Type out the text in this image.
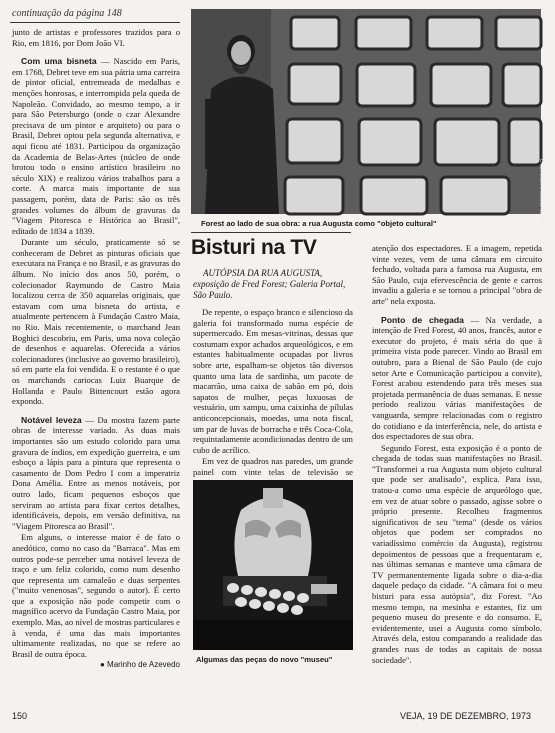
continuação da página 148

junto de artistas e professores trazidos para o Rio, em 1816, por Dom João VI.

Com uma bisneta — Nascido em Paris, em 1768, Debret teve em sua pátria uma carreira de pintor oficial, entremeada de medalhas e menções honrosas, e interrompida pela queda de Napoleão. Convidado, ao mesmo tempo, a ir para São Petersburgo (onde o czar Alexandre precisava de um pintor e arquiteto) ou para o Brasil, Debret optou pela segunda alternativa, e aqui ficou até 1831. Participou da organização da Academia de Belas-Artes (núcleo de onde brotou todo o ensino artístico brasileiro no século XIX) e realizou vários trabalhos para a corte. A marca mais importante de sua passagem, porém, data de Paris: são os três grandes volumes do álbum de gravuras da "Viagem Pitoresca e Histórica ao Brasil", editado de 1834 a 1839.

Durante um século, praticamente só se conheceram de Debret as pinturas oficiais que executara na França e no Brasil, e as gravuras do álbum. No início dos anos 50, porém, o colecionador Raymundo de Castro Maia localizou cerca de 350 aquarelas originais, que estavam com uma bisneta do artista, e atualmente pertencem à Fundação Castro Maia, no Rio. Mais recentemente, o marchand Jean Boghici descobriu, em Paris, uma nova coleção de desenhos e aquarelas. Oferecida a vários colecionadores (inclusive ao governo brasileiro), só em parte ela foi vendida. E o restante é o que os marchands cariocas Luiz Buarque de Hollanda e Paulo Bittencourt estão agora expondo.

Notável leveza — Da mostra fazem parte obras de interesse variado. As duas mais importantes são um estudo colorido para uma gravura de índios, em expedição guerreira, e um esboço a lápis para a pintura que representa o casamento de Dom Pedro I com a imperatriz Dona Amélia. Entre as menos notáveis, por outro lado, ficam pequenos esboços que serviram ao artista para fixar certos detalhes, identificáveis, depois, em versão definitiva, na "Viagem Pitoresca ao Brasil".

Em alguns, o interesse maior é de fato o anedótico, como no caso da "Barraca". Mas em outros pode-se perceber uma notável leveza de traço e um feliz colorido, como num desenho que representa um camaleão e duas serpentes ("muito venenosas", segundo o autor). É certo que a exposição não pode competir com o magnífico acervo da Fundação Castro Maia, por exemplo. Mas, ao nível de mostras particulares e à venda, é uma das mais importantes ultimamente realizadas, no que se refere ao Brasil de outra época.

● Marinho de Azevedo
FOTO DE PEDRO CARMO MELO
Forest ao lado de sua obra: a rua Augusta como "objeto cultural"
Bisturi na TV
AUTÓPSIA DA RUA AUGUSTA, exposição de Fred Forest; Galeria Portal, São Paulo.

De repente, o espaço branco e silencioso da galeria foi transformado numa espécie de supermercado. Em mesas-vitrinas, dessas que costumam expor achados arqueológicos, e em estantes habitualmente ocupadas por livros sobre arte, espalham-se objetos tão diversos quanto uma lata de sardinha, um pacote de macarrão, uma caixa de sabão em pó, dois sapatos de mulher, peças luxuosas de vestuário, um xampu, uma caixinha de pílulas anticoncepcionais, moedas, uma nota fiscal, um par de luvas de borracha e três Coca-Cola, requintadamente acondicionadas dentro de um cubo de acrílico.

Em vez de quadros nas paredes, um grande painel com vinte telas de televisão se

Algumas das peças do novo "museu"

atenção dos espectadores. E a imagem, repetida vinte vezes, vem de uma câmara em circuito fechado, voltada para a famosa rua Augusta, em São Paulo, cuja efervescência de gente e carros invadiu a galeria e se tornou a principal "obra de arte" nela exposta.

Ponto de chegada — Na verdade, a intenção de Fred Forest, 40 anos, francês, autor e executor do projeto, é mais séria do que à primeira vista pode parecer. Vindo ao Brasil em outubro, para a Bienal de São Paulo (de cujo setor Arte e Comunicação participou a convite), Forest acabou estendendo para três meses sua projetada permanência de duas semanas. E nesse período realizou várias manifestações de vanguarda, sempre relacionadas com o registro do cotidiano e da interferência, nele, do artista e dos espectadores de sua obra.

Segundo Forest, esta exposição é o ponto de chegada de todas suas manifestações no Brasil. "Transformei a rua Augusta num objeto cultural que pode ser analisado", explica. Para isso, tratou-a como uma espécie de arqueólogo que, em vez de atuar sobre o passado, agisse sobre o próprio presente. Recolheu fragmentos significativos de seu "tema" (desde os vários objetos que podem ser comprados no variadíssimo comércio da Augusta), registrou depoimentos de pessoas que a frequentaram e, nas últimas semanas e manteve uma câmara de TV permanentemente ligada sobre o dia-a-dia daquele pedaço da cidade. "A câmara foi o meu bisturi para essa autópsia", diz Forest. "Ao mesmo tempo, na mesinha e estantes, fiz um pequeno museu do presente e do consumo. E, evidentemente, usei a Augusta como símbolo. Através dela, estou comparando a realidade das grandes ruas de todas as capitais de nossa sociedade".

150	VEJA, 19 DE DEZEMBRO, 1973
